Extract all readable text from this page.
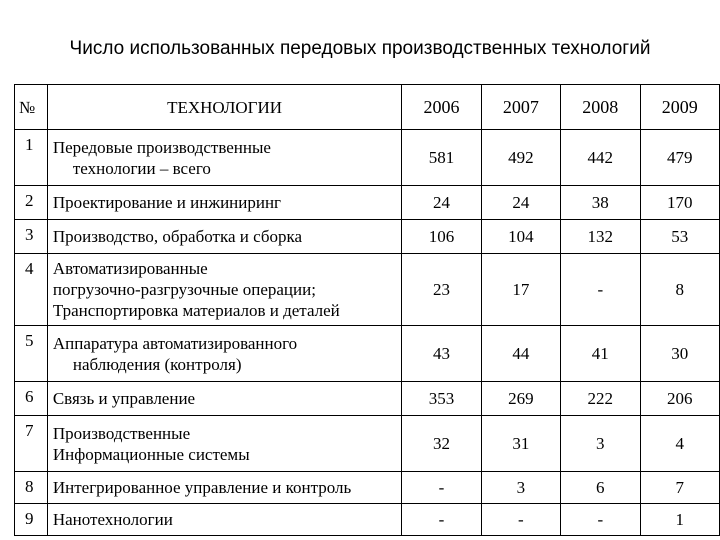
Число использованных передовых производственных технологий
№	ТЕХНОЛОГИИ	2006	2007	2008	2009
1	Передовые производственные
технологии – всего	581	492	442	479
2	Проектирование и инжиниринг	24	24	38	170
3	Производство, обработка и сборка	106	104	132	53
4	Автоматизированные
погрузочно-разгрузочные операции;
Транспортировка материалов и деталей	23	17	-	8
5	Аппаратура автоматизированного
наблюдения (контроля)	43	44	41	30
6	Связь и управление	353	269	222	206
7	Производственные
Информационные системы	32	31	3	4
8	Интегрированное управление и контроль	-	3	6	7
9	Нанотехнологии	-	-	-	1
